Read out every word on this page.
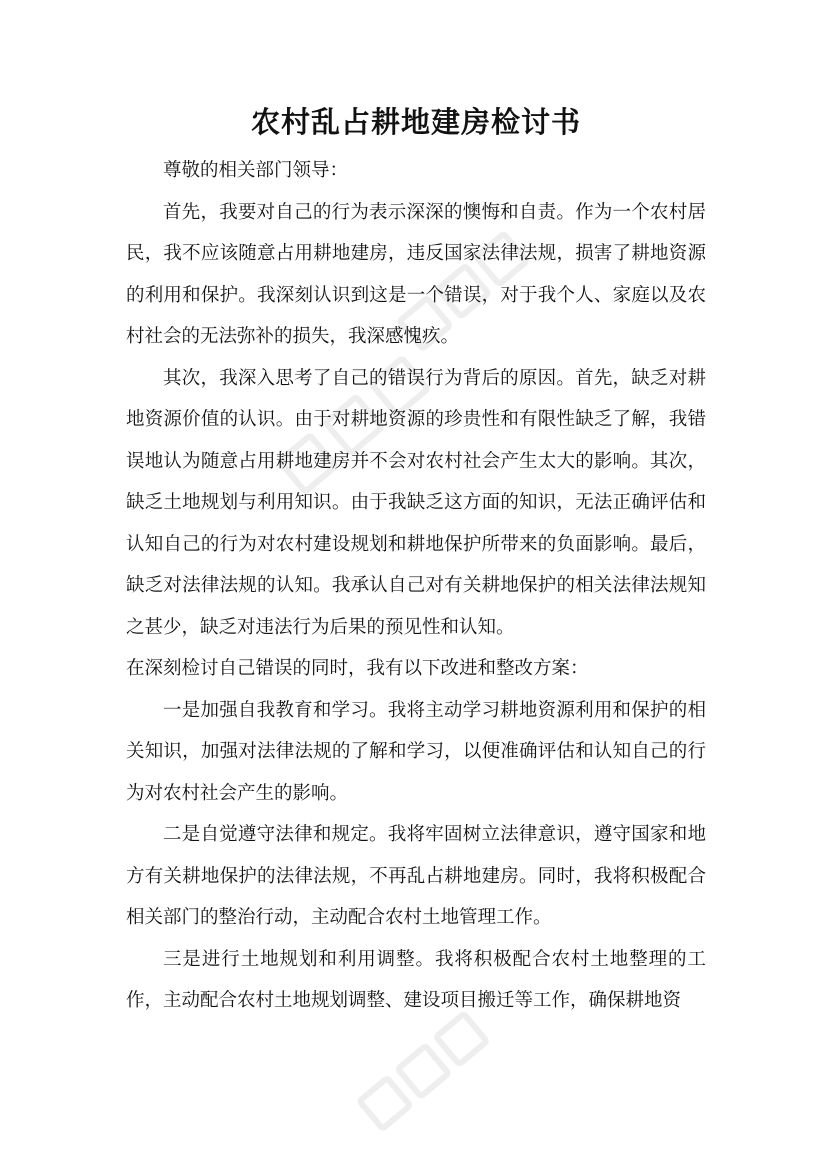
农村乱占耕地建房检讨书

尊敬的相关部门领导：

首先，我要对自己的行为表示深深的懊悔和自责。作为一个农村居民，我不应该随意占用耕地建房，违反国家法律法规，损害了耕地资源的利用和保护。我深刻认识到这是一个错误，对于我个人、家庭以及农村社会的无法弥补的损失，我深感愧疚。

其次，我深入思考了自己的错误行为背后的原因。首先，缺乏对耕地资源价值的认识。由于对耕地资源的珍贵性和有限性缺乏了解，我错误地认为随意占用耕地建房并不会对农村社会产生太大的影响。其次，缺乏土地规划与利用知识。由于我缺乏这方面的知识，无法正确评估和认知自己的行为对农村建设规划和耕地保护所带来的负面影响。最后，缺乏对法律法规的认知。我承认自己对有关耕地保护的相关法律法规知之甚少，缺乏对违法行为后果的预见性和认知。

在深刻检讨自己错误的同时，我有以下改进和整改方案：

一是加强自我教育和学习。我将主动学习耕地资源利用和保护的相关知识，加强对法律法规的了解和学习，以便准确评估和认知自己的行为对农村社会产生的影响。

二是自觉遵守法律和规定。我将牢固树立法律意识，遵守国家和地方有关耕地保护的法律法规，不再乱占耕地建房。同时，我将积极配合相关部门的整治行动，主动配合农村土地管理工作。

三是进行土地规划和利用调整。我将积极配合农村土地整理的工作，主动配合农村土地规划调整、建设项目搬迁等工作，确保耕地资
